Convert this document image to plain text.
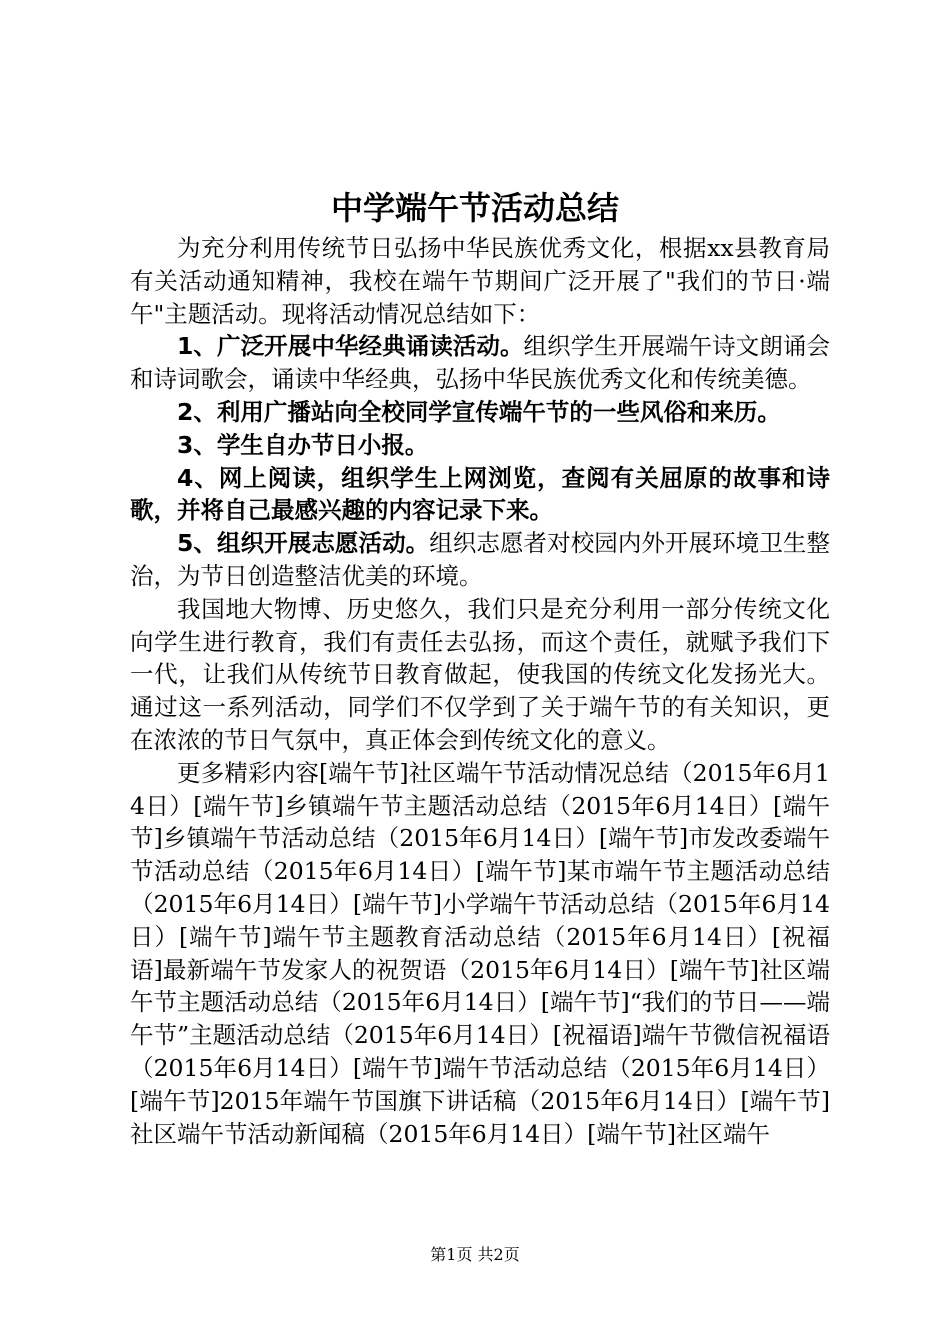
中学端午节活动总结

为充分利用传统节日弘扬中华民族优秀文化，根据xx县教育局有关活动通知精神，我校在端午节期间广泛开展了"我们的节日·端午"主题活动。现将活动情况总结如下：

1、广泛开展中华经典诵读活动。组织学生开展端午诗文朗诵会和诗词歌会，诵读中华经典，弘扬中华民族优秀文化和传统美德。

2、利用广播站向全校同学宣传端午节的一些风俗和来历。

3、学生自办节日小报。

4、网上阅读，组织学生上网浏览，查阅有关屈原的故事和诗歌，并将自己最感兴趣的内容记录下来。

5、组织开展志愿活动。组织志愿者对校园内外开展环境卫生整治，为节日创造整洁优美的环境。

我国地大物博、历史悠久，我们只是充分利用一部分传统文化向学生进行教育，我们有责任去弘扬，而这个责任，就赋予我们下一代，让我们从传统节日教育做起，使我国的传统文化发扬光大。通过这一系列活动，同学们不仅学到了关于端午节的有关知识，更在浓浓的节日气氛中，真正体会到传统文化的意义。

更多精彩内容[端午节]社区端午节活动情况总结（2015年6月14日）[端午节]乡镇端午节主题活动总结（2015年6月14日）[端午节]乡镇端午节活动总结（2015年6月14日）[端午节]市发改委端午节活动总结（2015年6月14日）[端午节]某市端午节主题活动总结（2015年6月14日）[端午节]小学端午节活动总结（2015年6月14日）[端午节]端午节主题教育活动总结（2015年6月14日）[祝福语]最新端午节发家人的祝贺语（2015年6月14日）[端午节]社区端午节主题活动总结（2015年6月14日）[端午节]“我们的节日——端午节”主题活动总结（2015年6月14日）[祝福语]端午节微信祝福语（2015年6月14日）[端午节]端午节活动总结（2015年6月14日）[端午节]2015年端午节国旗下讲话稿（2015年6月14日）[端午节]社区端午节活动新闻稿（2015年6月14日）[端午节]社区端午

第1页 共2页
